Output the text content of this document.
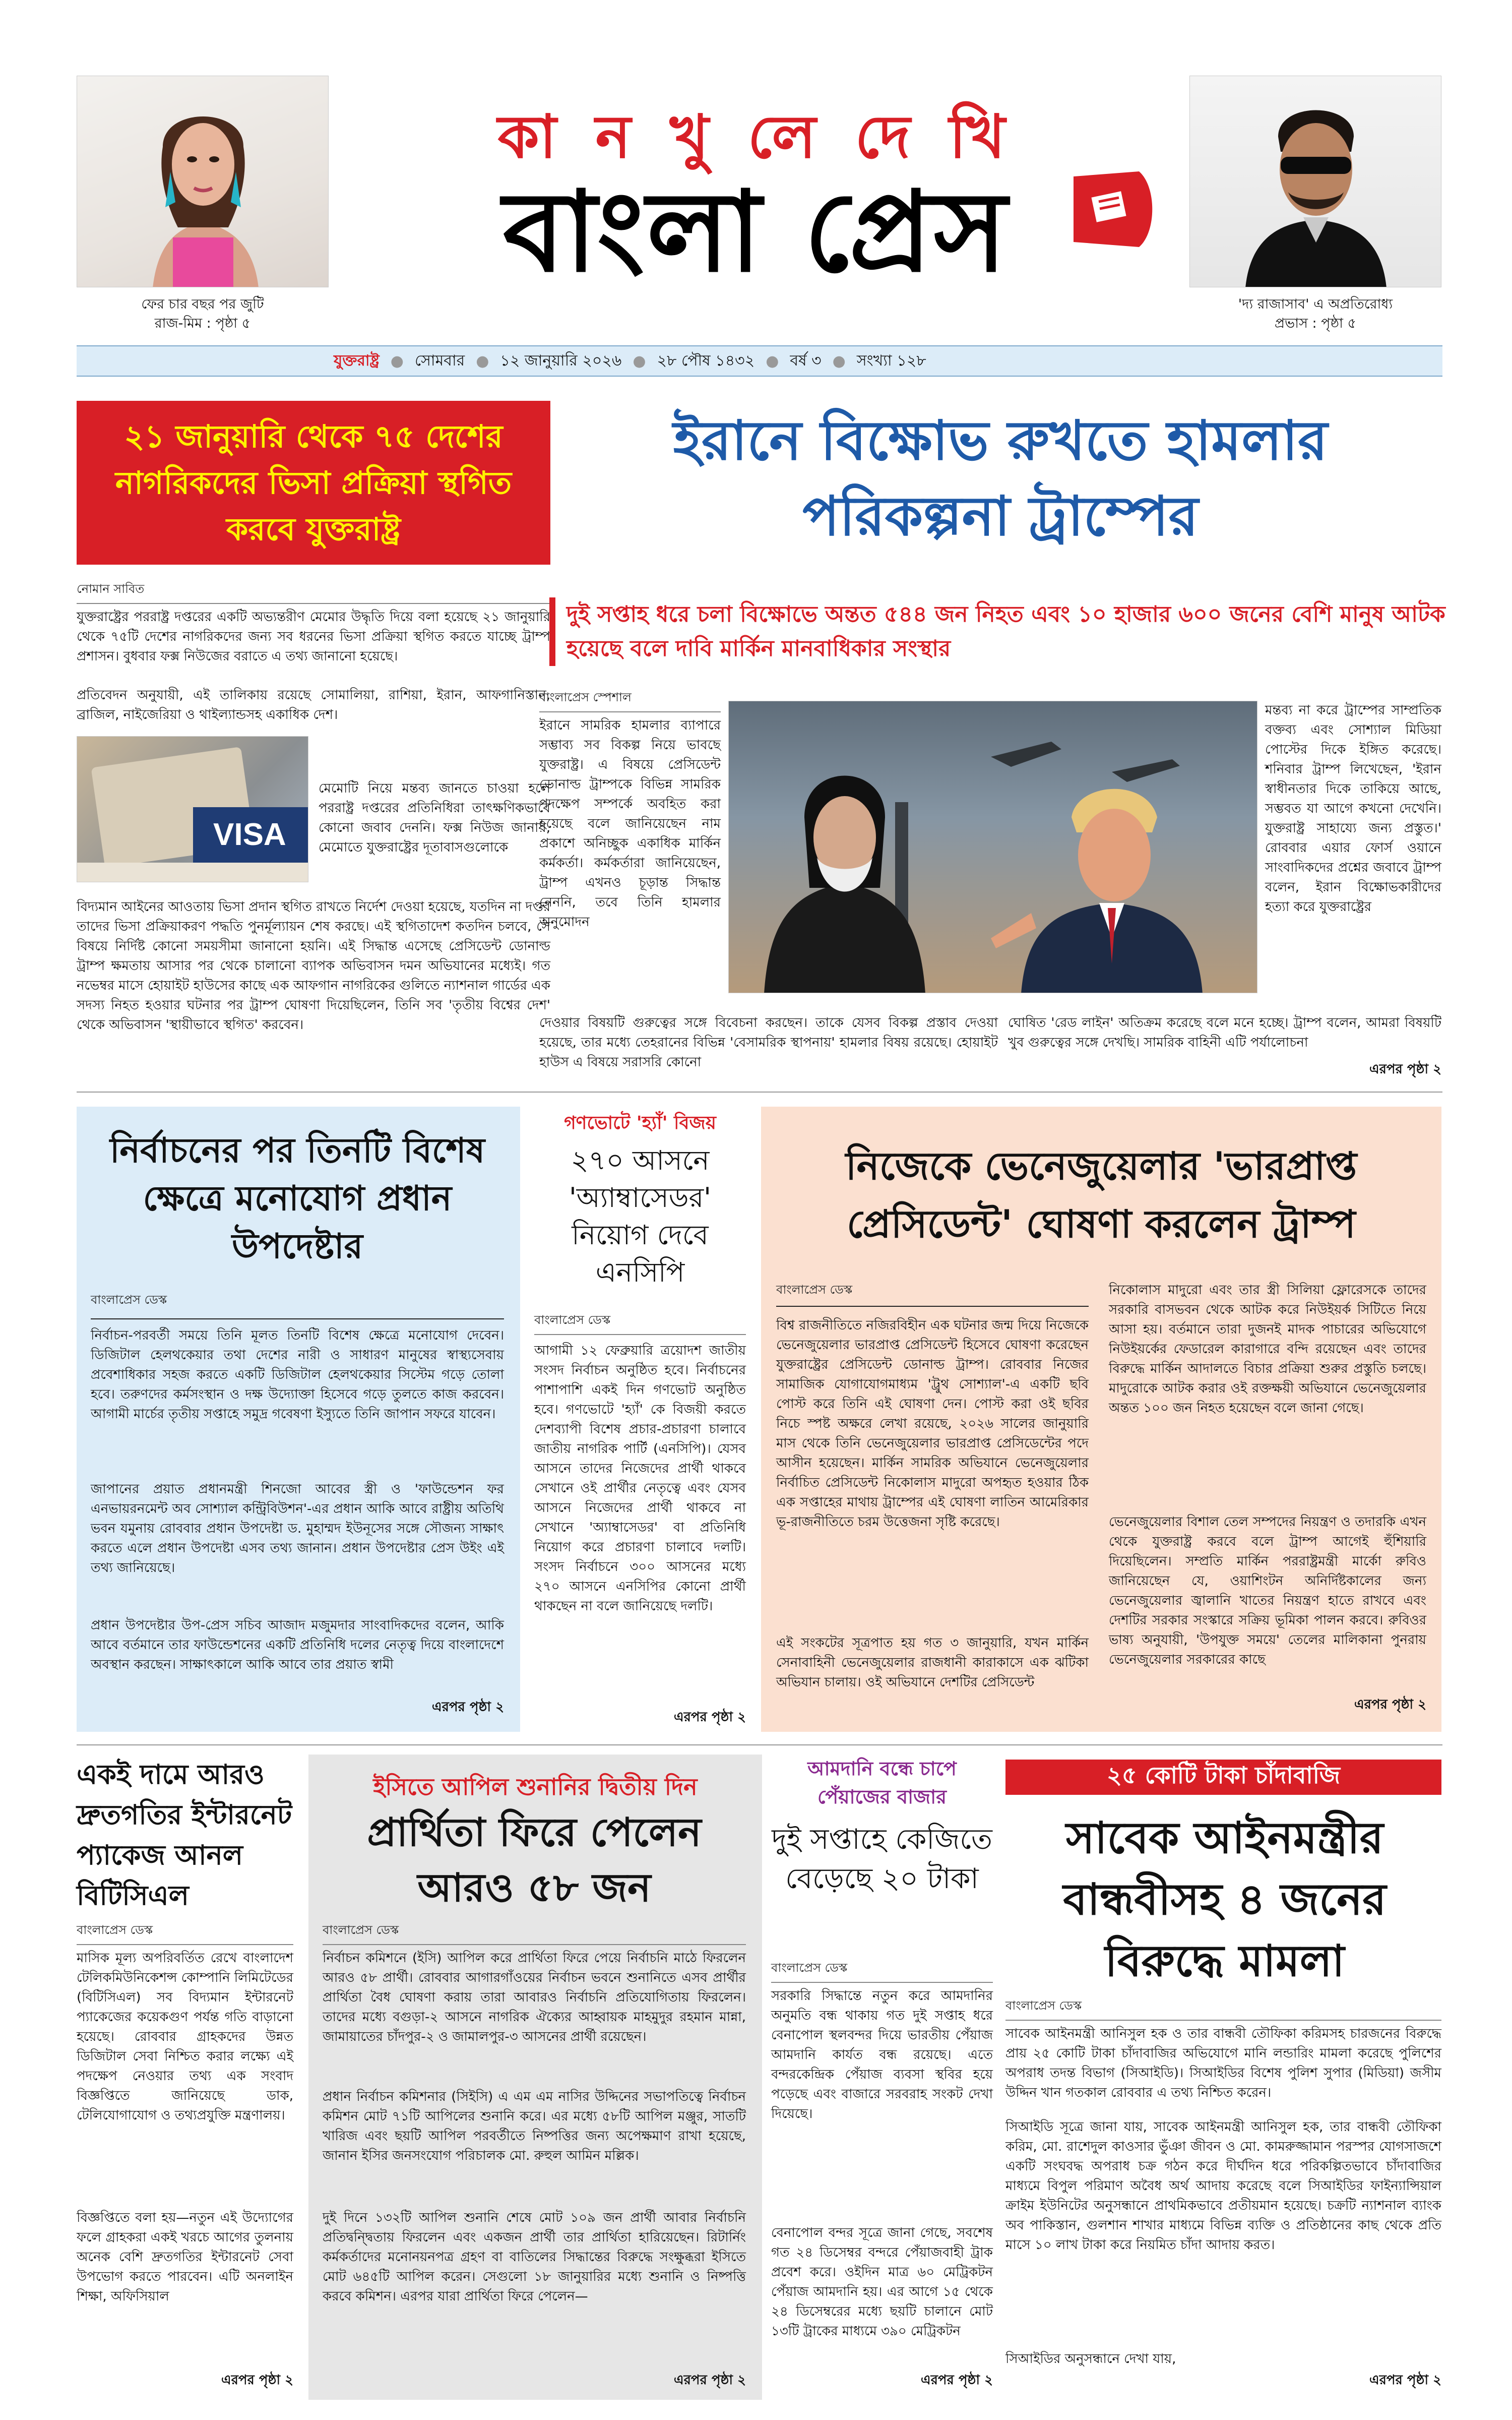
ফের চার বছর পর জুটি
রাজ-মিম : পৃষ্ঠা ৫
কা ন খু লে দে খি
বাংলা প্রেস
'দ্য রাজাসাব' এ অপ্রতিরোধ্য
প্রভাস : পৃষ্ঠা ৫
যুক্তরাষ্ট্র ● সোমবার ● ১২ জানুয়ারি ২০২৬ ● ২৮ পৌষ ১৪৩২ ● বর্ষ ৩ ● সংখ্যা ১২৮
২১ জানুয়ারি থেকে ৭৫ দেশের নাগরিকদের ভিসা প্রক্রিয়া স্থগিত করবে যুক্তরাষ্ট্র
নোমান সাবিত

যুক্তরাষ্ট্রের পররাষ্ট্র দপ্তরের একটি অভ্যন্তরীণ মেমোর উদ্ধৃতি দিয়ে বলা হয়েছে ২১ জানুয়ারি থেকে ৭৫টি দেশের নাগরিকদের জন্য সব ধরনের ভিসা প্রক্রিয়া স্থগিত করতে যাচ্ছে ট্রাম্প প্রশাসন। বুধবার ফক্স নিউজের বরাতে এ তথ্য জানানো হয়েছে।

প্রতিবেদন অনুযায়ী, এই তালিকায় রয়েছে সোমালিয়া, রাশিয়া, ইরান, আফগানিস্তান, ব্রাজিল, নাইজেরিয়া ও থাইল্যান্ডসহ একাধিক দেশ।
VISA
মেমোটি নিয়ে মন্তব্য জানতে চাওয়া হলে পররাষ্ট্র দপ্তরের প্রতিনিধিরা তাৎক্ষণিকভাবে কোনো জবাব দেননি। ফক্স নিউজ জানায়, মেমোতে যুক্তরাষ্ট্রের দূতাবাসগুলোকে
বিদ্যমান আইনের আওতায় ভিসা প্রদান স্থগিত রাখতে নির্দেশ দেওয়া হয়েছে, যতদিন না দপ্তর তাদের ভিসা প্রক্রিয়াকরণ পদ্ধতি পুনর্মূল্যায়ন শেষ করছে। এই স্থগিতাদেশ কতদিন চলবে, সে বিষয়ে নির্দিষ্ট কোনো সময়সীমা জানানো হয়নি। এই সিদ্ধান্ত এসেছে প্রেসিডেন্ট ডোনাল্ড ট্রাম্প ক্ষমতায় আসার পর থেকে চালানো ব্যাপক অভিবাসন দমন অভিযানের মধ্যেই। গত নভেম্বর মাসে হোয়াইট হাউসের কাছে এক আফগান নাগরিকের গুলিতে ন্যাশনাল গার্ডের এক সদস্য নিহত হওয়ার ঘটনার পর ট্রাম্প ঘোষণা দিয়েছিলেন, তিনি সব 'তৃতীয় বিশ্বের দেশ' থেকে অভিবাসন 'স্থায়ীভাবে স্থগিত' করবেন।
ইরানে বিক্ষোভ রুখতে হামলার
পরিকল্পনা ট্রাম্পের
দুই সপ্তাহ ধরে চলা বিক্ষোভে অন্তত ৫৪৪ জন নিহত এবং ১০ হাজার ৬০০ জনের বেশি মানুষ আটক হয়েছে বলে দাবি মার্কিন মানবাধিকার সংস্থার
বাংলাপ্রেস স্পেশাল
ইরানে সামরিক হামলার ব্যাপারে সম্ভাব্য সব বিকল্প নিয়ে ভাবছে যুক্তরাষ্ট্র। এ বিষয়ে প্রেসিডেন্ট ডোনাল্ড ট্রাম্পকে বিভিন্ন সামরিক পদক্ষেপ সম্পর্কে অবহিত করা হয়েছে বলে জানিয়েছেন নাম প্রকাশে অনিচ্ছুক একাধিক মার্কিন কর্মকর্তা। কর্মকর্তারা জানিয়েছেন, ট্রাম্প এখনও চূড়ান্ত সিদ্ধান্ত নেননি, তবে তিনি হামলার অনুমোদন
দেওয়ার বিষয়টি গুরুত্বের সঙ্গে বিবেচনা করছেন। তাকে যেসব বিকল্প প্রস্তাব দেওয়া হয়েছে, তার মধ্যে তেহরানের বিভিন্ন 'বেসামরিক স্থাপনায়' হামলার বিষয় রয়েছে। হোয়াইট হাউস এ বিষয়ে সরাসরি কোনো
মন্তব্য না করে ট্রাম্পের সাম্প্রতিক বক্তব্য এবং সোশ্যাল মিডিয়া পোস্টের দিকে ইঙ্গিত করেছে। শনিবার ট্রাম্প লিখেছেন, 'ইরান স্বাধীনতার দিকে তাকিয়ে আছে, সম্ভবত যা আগে কখনো দেখেনি। যুক্তরাষ্ট্র সাহায্যে জন্য প্রস্তুত।' রোববার এয়ার ফোর্স ওয়ানে সাংবাদিকদের প্রশ্নের জবাবে ট্রাম্প বলেন, ইরান বিক্ষোভকারীদের হত্যা করে যুক্তরাষ্ট্রের
ঘোষিত 'রেড লাইন' অতিক্রম করেছে বলে মনে হচ্ছে। ট্রাম্প বলেন, আমরা বিষয়টি খুব গুরুত্বের সঙ্গে দেখছি। সামরিক বাহিনী এটি পর্যালোচনা
এরপর পৃষ্ঠা ২
নির্বাচনের পর তিনটি বিশেষ ক্ষেত্রে মনোযোগ প্রধান উপদেষ্টার
বাংলাপ্রেস ডেস্ক
নির্বাচন-পরবর্তী সময়ে তিনি মূলত তিনটি বিশেষ ক্ষেত্রে মনোযোগ দেবেন। ডিজিটাল হেলথকেয়ার তথা দেশের নারী ও সাধারণ মানুষের স্বাস্থ্যসেবায় প্রবেশাধিকার সহজ করতে একটি ডিজিটাল হেলথকেয়ার সিস্টেম গড়ে তোলা হবে। তরুণদের কর্মসংস্থান ও দক্ষ উদ্যোক্তা হিসেবে গড়ে তুলতে কাজ করবেন। আগামী মার্চের তৃতীয় সপ্তাহে সমুদ্র গবেষণা ইস্যুতে তিনি জাপান সফরে যাবেন।
জাপানের প্রয়াত প্রধানমন্ত্রী শিনজো আবের স্ত্রী ও 'ফাউন্ডেশন ফর এনভায়রনমেন্ট অব সোশ্যাল কন্ট্রিবিউশন'-এর প্রধান আকি আবে রাষ্ট্রীয় অতিথি ভবন যমুনায় রোববার প্রধান উপদেষ্টা ড. মুহাম্মদ ইউনূসের সঙ্গে সৌজন্য সাক্ষাৎ করতে এলে প্রধান উপদেষ্টা এসব তথ্য জানান। প্রধান উপদেষ্টার প্রেস উইং এই তথ্য জানিয়েছে।
প্রধান উপদেষ্টার উপ-প্রেস সচিব আজাদ মজুমদার সাংবাদিকদের বলেন, আকি আবে বর্তমানে তার ফাউন্ডেশনের একটি প্রতিনিধি দলের নেতৃত্ব দিয়ে বাংলাদেশে অবস্থান করছেন। সাক্ষাৎকালে আকি আবে তার প্রয়াত স্বামী
এরপর পৃষ্ঠা ২
গণভোটে 'হ্যাঁ' বিজয়
২৭০ আসনে 'অ্যাম্বাসেডর' নিয়োগ দেবে এনসিপি
বাংলাপ্রেস ডেস্ক
আগামী ১২ ফেব্রুয়ারি ত্রয়োদশ জাতীয় সংসদ নির্বাচন অনুষ্ঠিত হবে। নির্বাচনের পাশাপাশি একই দিন গণভোট অনুষ্ঠিত হবে। গণভোটে 'হ্যাঁ' কে বিজয়ী করতে দেশব্যাপী বিশেষ প্রচার-প্রচারণা চালাবে জাতীয় নাগরিক পার্টি (এনসিপি)। যেসব আসনে তাদের নিজেদের প্রার্থী থাকবে সেখানে ওই প্রার্থীর নেতৃত্বে এবং যেসব আসনে নিজেদের প্রার্থী থাকবে না সেখানে 'অ্যাম্বাসেডর' বা প্রতিনিধি নিয়োগ করে প্রচারণা চালাবে দলটি। সংসদ নির্বাচনে ৩০০ আসনের মধ্যে ২৭০ আসনে এনসিপির কোনো প্রার্থী থাকছেন না বলে জানিয়েছে দলটি।
এরপর পৃষ্ঠা ২
নিজেকে ভেনেজুয়েলার 'ভারপ্রাপ্ত প্রেসিডেন্ট' ঘোষণা করলেন ট্রাম্প
বাংলাপ্রেস ডেস্ক
বিশ্ব রাজনীতিতে নজিরবিহীন এক ঘটনার জন্ম দিয়ে নিজেকে ভেনেজুয়েলার ভারপ্রাপ্ত প্রেসিডেন্ট হিসেবে ঘোষণা করেছেন যুক্তরাষ্ট্রের প্রেসিডেন্ট ডোনাল্ড ট্রাম্প। রোববার নিজের সামাজিক যোগাযোগমাধ্যম 'ট্রুথ সোশ্যাল'-এ একটি ছবি পোস্ট করে তিনি এই ঘোষণা দেন। পোস্ট করা ওই ছবির নিচে স্পষ্ট অক্ষরে লেখা রয়েছে, ২০২৬ সালের জানুয়ারি মাস থেকে তিনি ভেনেজুয়েলার ভারপ্রাপ্ত প্রেসিডেন্টের পদে আসীন হয়েছেন। মার্কিন সামরিক অভিযানে ভেনেজুয়েলার নির্বাচিত প্রেসিডেন্ট নিকোলাস মাদুরো অপহৃত হওয়ার ঠিক এক সপ্তাহের মাথায় ট্রাম্পের এই ঘোষণা লাতিন আমেরিকার ভূ-রাজনীতিতে চরম উত্তেজনা সৃষ্টি করেছে।
এই সংকটের সূত্রপাত হয় গত ৩ জানুয়ারি, যখন মার্কিন সেনাবাহিনী ভেনেজুয়েলার রাজধানী কারাকাসে এক ঝটিকা অভিযান চালায়। ওই অভিযানে দেশটির প্রেসিডেন্ট
নিকোলাস মাদুরো এবং তার স্ত্রী সিলিয়া ফ্লোরেসকে তাদের সরকারি বাসভবন থেকে আটক করে নিউইয়র্ক সিটিতে নিয়ে আসা হয়। বর্তমানে তারা দুজনই মাদক পাচারের অভিযোগে নিউইয়র্কের ফেডারেল কারাগারে বন্দি রয়েছেন এবং তাদের বিরুদ্ধে মার্কিন আদালতে বিচার প্রক্রিয়া শুরুর প্রস্তুতি চলছে। মাদুরোকে আটক করার ওই রক্তক্ষয়ী অভিযানে ভেনেজুয়েলার অন্তত ১০০ জন নিহত হয়েছেন বলে জানা গেছে।
ভেনেজুয়েলার বিশাল তেল সম্পদের নিয়ন্ত্রণ ও তদারকি এখন থেকে যুক্তরাষ্ট্র করবে বলে ট্রাম্প আগেই হুঁশিয়ারি দিয়েছিলেন। সম্প্রতি মার্কিন পররাষ্ট্রমন্ত্রী মার্কো রুবিও জানিয়েছেন যে, ওয়াশিংটন অনির্দিষ্টকালের জন্য ভেনেজুয়েলার জ্বালানি খাতের নিয়ন্ত্রণ হাতে রাখবে এবং দেশটির সরকার সংস্কারে সক্রিয় ভূমিকা পালন করবে। রুবিওর ভাষ্য অনুযায়ী, 'উপযুক্ত সময়ে' তেলের মালিকানা পুনরায় ভেনেজুয়েলার সরকারের কাছে
এরপর পৃষ্ঠা ২
একই দামে আরও দ্রুতগতির ইন্টারনেট প্যাকেজ আনল বিটিসিএল
বাংলাপ্রেস ডেস্ক
মাসিক মূল্য অপরিবর্তিত রেখে বাংলাদেশ টেলিকমিউনিকেশন্স কোম্পানি লিমিটেডের (বিটিসিএল) সব বিদ্যমান ইন্টারনেট প্যাকেজের কয়েকগুণ পর্যন্ত গতি বাড়ানো হয়েছে। রোববার গ্রাহকদের উন্নত ডিজিটাল সেবা নিশ্চিত করার লক্ষ্যে এই পদক্ষেপ নেওয়ার তথ্য এক সংবাদ বিজ্ঞপ্তিতে জানিয়েছে ডাক, টেলিযোগাযোগ ও তথ্যপ্রযুক্তি মন্ত্রণালয়।
বিজ্ঞপ্তিতে বলা হয়—নতুন এই উদ্যোগের ফলে গ্রাহকরা একই খরচে আগের তুলনায় অনেক বেশি দ্রুতগতির ইন্টারনেট সেবা উপভোগ করতে পারবেন। এটি অনলাইন শিক্ষা, অফিসিয়াল
এরপর পৃষ্ঠা ২
ইসিতে আপিল শুনানির দ্বিতীয় দিন
প্রার্থিতা ফিরে পেলেন আরও ৫৮ জন
বাংলাপ্রেস ডেস্ক
নির্বাচন কমিশনে (ইসি) আপিল করে প্রার্থিতা ফিরে পেয়ে নির্বাচনি মাঠে ফিরলেন আরও ৫৮ প্রার্থী। রোববার আগারগাঁওয়ের নির্বাচন ভবনে শুনানিতে এসব প্রার্থীর প্রার্থিতা বৈধ ঘোষণা করায় তারা আবারও নির্বাচনি প্রতিযোগিতায় ফিরলেন। তাদের মধ্যে বগুড়া-২ আসনে নাগরিক ঐক্যের আহ্বায়ক মাহমুদুর রহমান মান্না, জামায়াতের চাঁদপুর-২ ও জামালপুর-৩ আসনের প্রার্থী রয়েছেন।
প্রধান নির্বাচন কমিশনার (সিইসি) এ এম এম নাসির উদ্দিনের সভাপতিত্বে নির্বাচন কমিশন মোট ৭১টি আপিলের শুনানি করে। এর মধ্যে ৫৮টি আপিল মঞ্জুর, সাতটি খারিজ এবং ছয়টি আপিল পরবর্তীতে নিষ্পত্তির জন্য অপেক্ষমাণ রাখা হয়েছে, জানান ইসির জনসংযোগ পরিচালক মো. রুহুল আমিন মল্লিক।
দুই দিনে ১৩২টি আপিল শুনানি শেষে মোট ১০৯ জন প্রার্থী আবার নির্বাচনি প্রতিদ্বন্দ্বিতায় ফিরলেন এবং একজন প্রার্থী তার প্রার্থিতা হারিয়েছেন। রিটার্নিং কর্মকর্তাদের মনোনয়নপত্র গ্রহণ বা বাতিলের সিদ্ধান্তের বিরুদ্ধে সংক্ষুব্ধরা ইসিতে মোট ৬৪৫টি আপিল করেন। সেগুলো ১৮ জানুয়ারির মধ্যে শুনানি ও নিষ্পত্তি করবে কমিশন। এরপর যারা প্রার্থিতা ফিরে পেলেন—
এরপর পৃষ্ঠা ২
আমদানি বন্ধে চাপে পেঁয়াজের বাজার
দুই সপ্তাহে কেজিতে বেড়েছে ২০ টাকা
বাংলাপ্রেস ডেস্ক
সরকারি সিদ্ধান্তে নতুন করে আমদানির অনুমতি বন্ধ থাকায় গত দুই সপ্তাহ ধরে বেনাপোল স্থলবন্দর দিয়ে ভারতীয় পেঁয়াজ আমদানি কার্যত বন্ধ রয়েছে। এতে বন্দরকেন্দ্রিক পেঁয়াজ ব্যবসা স্থবির হয়ে পড়েছে এবং বাজারে সরবরাহ সংকট দেখা দিয়েছে।
বেনাপোল বন্দর সূত্রে জানা গেছে, সবশেষ গত ২৪ ডিসেম্বর বন্দরে পেঁয়াজবাহী ট্রাক প্রবেশ করে। ওইদিন মাত্র ৬০ মেট্রিকটন পেঁয়াজ আমদানি হয়। এর আগে ১৫ থেকে ২৪ ডিসেম্বরের মধ্যে ছয়টি চালানে মোট ১৩টি ট্রাকের মাধ্যমে ৩৯০ মেট্রিকটন
এরপর পৃষ্ঠা ২
২৫ কোটি টাকা চাঁদাবাজি
সাবেক আইনমন্ত্রীর বান্ধবীসহ ৪ জনের বিরুদ্ধে মামলা
বাংলাপ্রেস ডেস্ক
সাবেক আইনমন্ত্রী আনিসুল হক ও তার বান্ধবী তৌফিকা করিমসহ চারজনের বিরুদ্ধে প্রায় ২৫ কোটি টাকা চাঁদাবাজির অভিযোগে মানি লন্ডারিং মামলা করেছে পুলিশের অপরাধ তদন্ত বিভাগ (সিআইডি)। সিআইডির বিশেষ পুলিশ সুপার (মিডিয়া) জসীম উদ্দিন খান গতকাল রোববার এ তথ্য নিশ্চিত করেন।
সিআইডি সূত্রে জানা যায়, সাবেক আইনমন্ত্রী আনিসুল হক, তার বান্ধবী তৌফিকা করিম, মো. রাশেদুল কাওসার ভুঁঞা জীবন ও মো. কামরুজ্জামান পরস্পর যোগসাজশে একটি সংঘবদ্ধ অপরাধ চক্র গঠন করে দীর্ঘদিন ধরে পরিকল্পিতভাবে চাঁদাবাজির মাধ্যমে বিপুল পরিমাণ অবৈধ অর্থ আদায় করেছে বলে সিআইডির ফাইন্যান্সিয়াল ক্রাইম ইউনিটের অনুসন্ধানে প্রাথমিকভাবে প্রতীয়মান হয়েছে। চক্রটি ন্যাশনাল ব্যাংক অব পাকিস্তান, গুলশান শাখার মাধ্যমে বিভিন্ন ব্যক্তি ও প্রতিষ্ঠানের কাছ থেকে প্রতি মাসে ১০ লাখ টাকা করে নিয়মিত চাঁদা আদায় করত।
সিআইডির অনুসন্ধানে দেখা যায়,
এরপর পৃষ্ঠা ২
